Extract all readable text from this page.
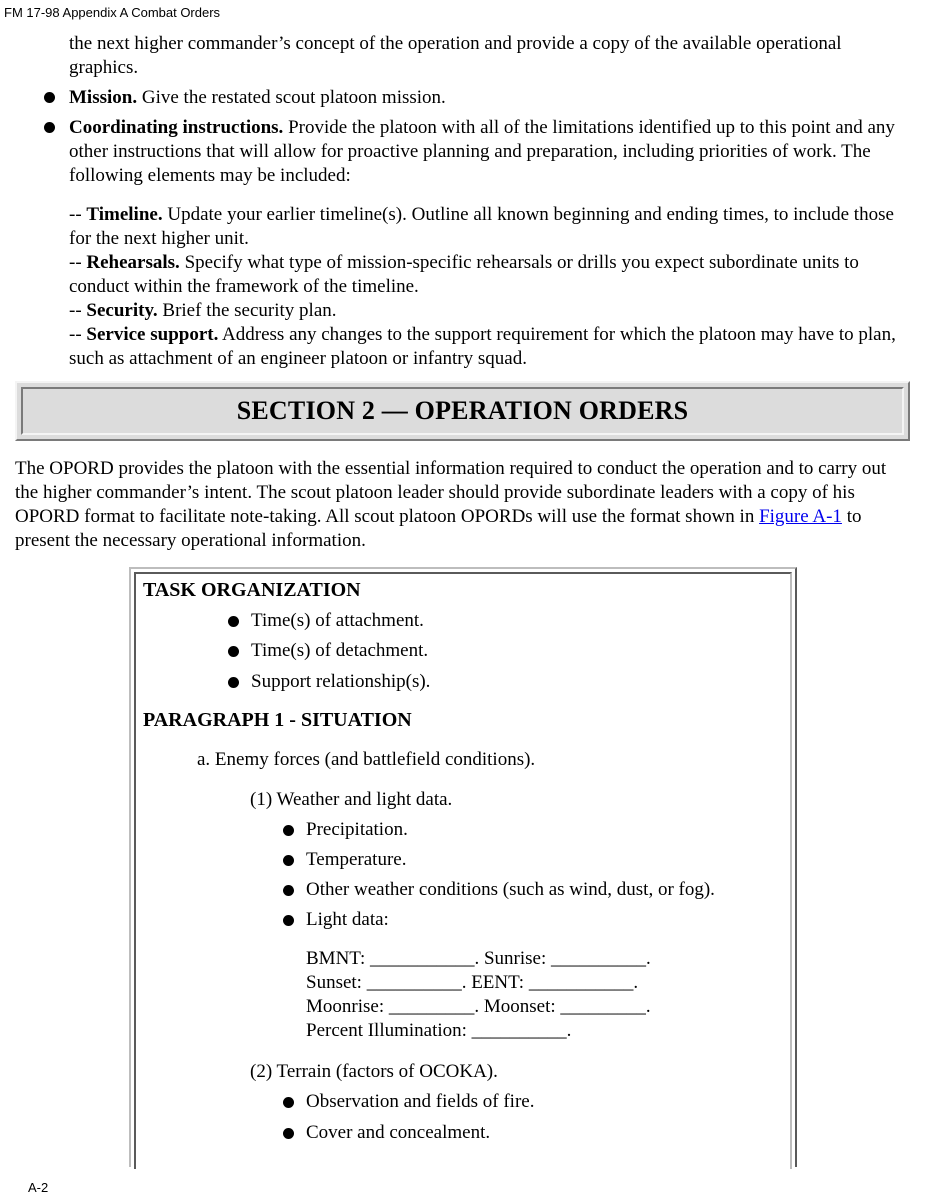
FM 17-98 Appendix A Combat Orders
the next higher commander’s concept of the operation and provide a copy of the available operational graphics.
Mission. Give the restated scout platoon mission.
Coordinating instructions. Provide the platoon with all of the limitations identified up to this point and any other instructions that will allow for proactive planning and preparation, including priorities of work. The following elements may be included:
-- Timeline. Update your earlier timeline(s). Outline all known beginning and ending times, to include those for the next higher unit.
-- Rehearsals. Specify what type of mission-specific rehearsals or drills you expect subordinate units to conduct within the framework of the timeline.
-- Security. Brief the security plan.
-- Service support. Address any changes to the support requirement for which the platoon may have to plan, such as attachment of an engineer platoon or infantry squad.
SECTION 2 — OPERATION ORDERS
The OPORD provides the platoon with the essential information required to conduct the operation and to carry out the higher commander’s intent. The scout platoon leader should provide subordinate leaders with a copy of his OPORD format to facilitate note-taking. All scout platoon OPORDs will use the format shown in Figure A-1 to present the necessary operational information.
TASK ORGANIZATION
Time(s) of attachment.
Time(s) of detachment.
Support relationship(s).
PARAGRAPH 1 - SITUATION
a. Enemy forces (and battlefield conditions).
(1) Weather and light data.
Precipitation.
Temperature.
Other weather conditions (such as wind, dust, or fog).
Light data:
BMNT: ___________. Sunrise: __________.
Sunset: __________. EENT: ___________.
Moonrise: _________. Moonset: _________.
Percent Illumination: __________.
(2) Terrain (factors of OCOKA).
Observation and fields of fire.
Cover and concealment.
A-2
